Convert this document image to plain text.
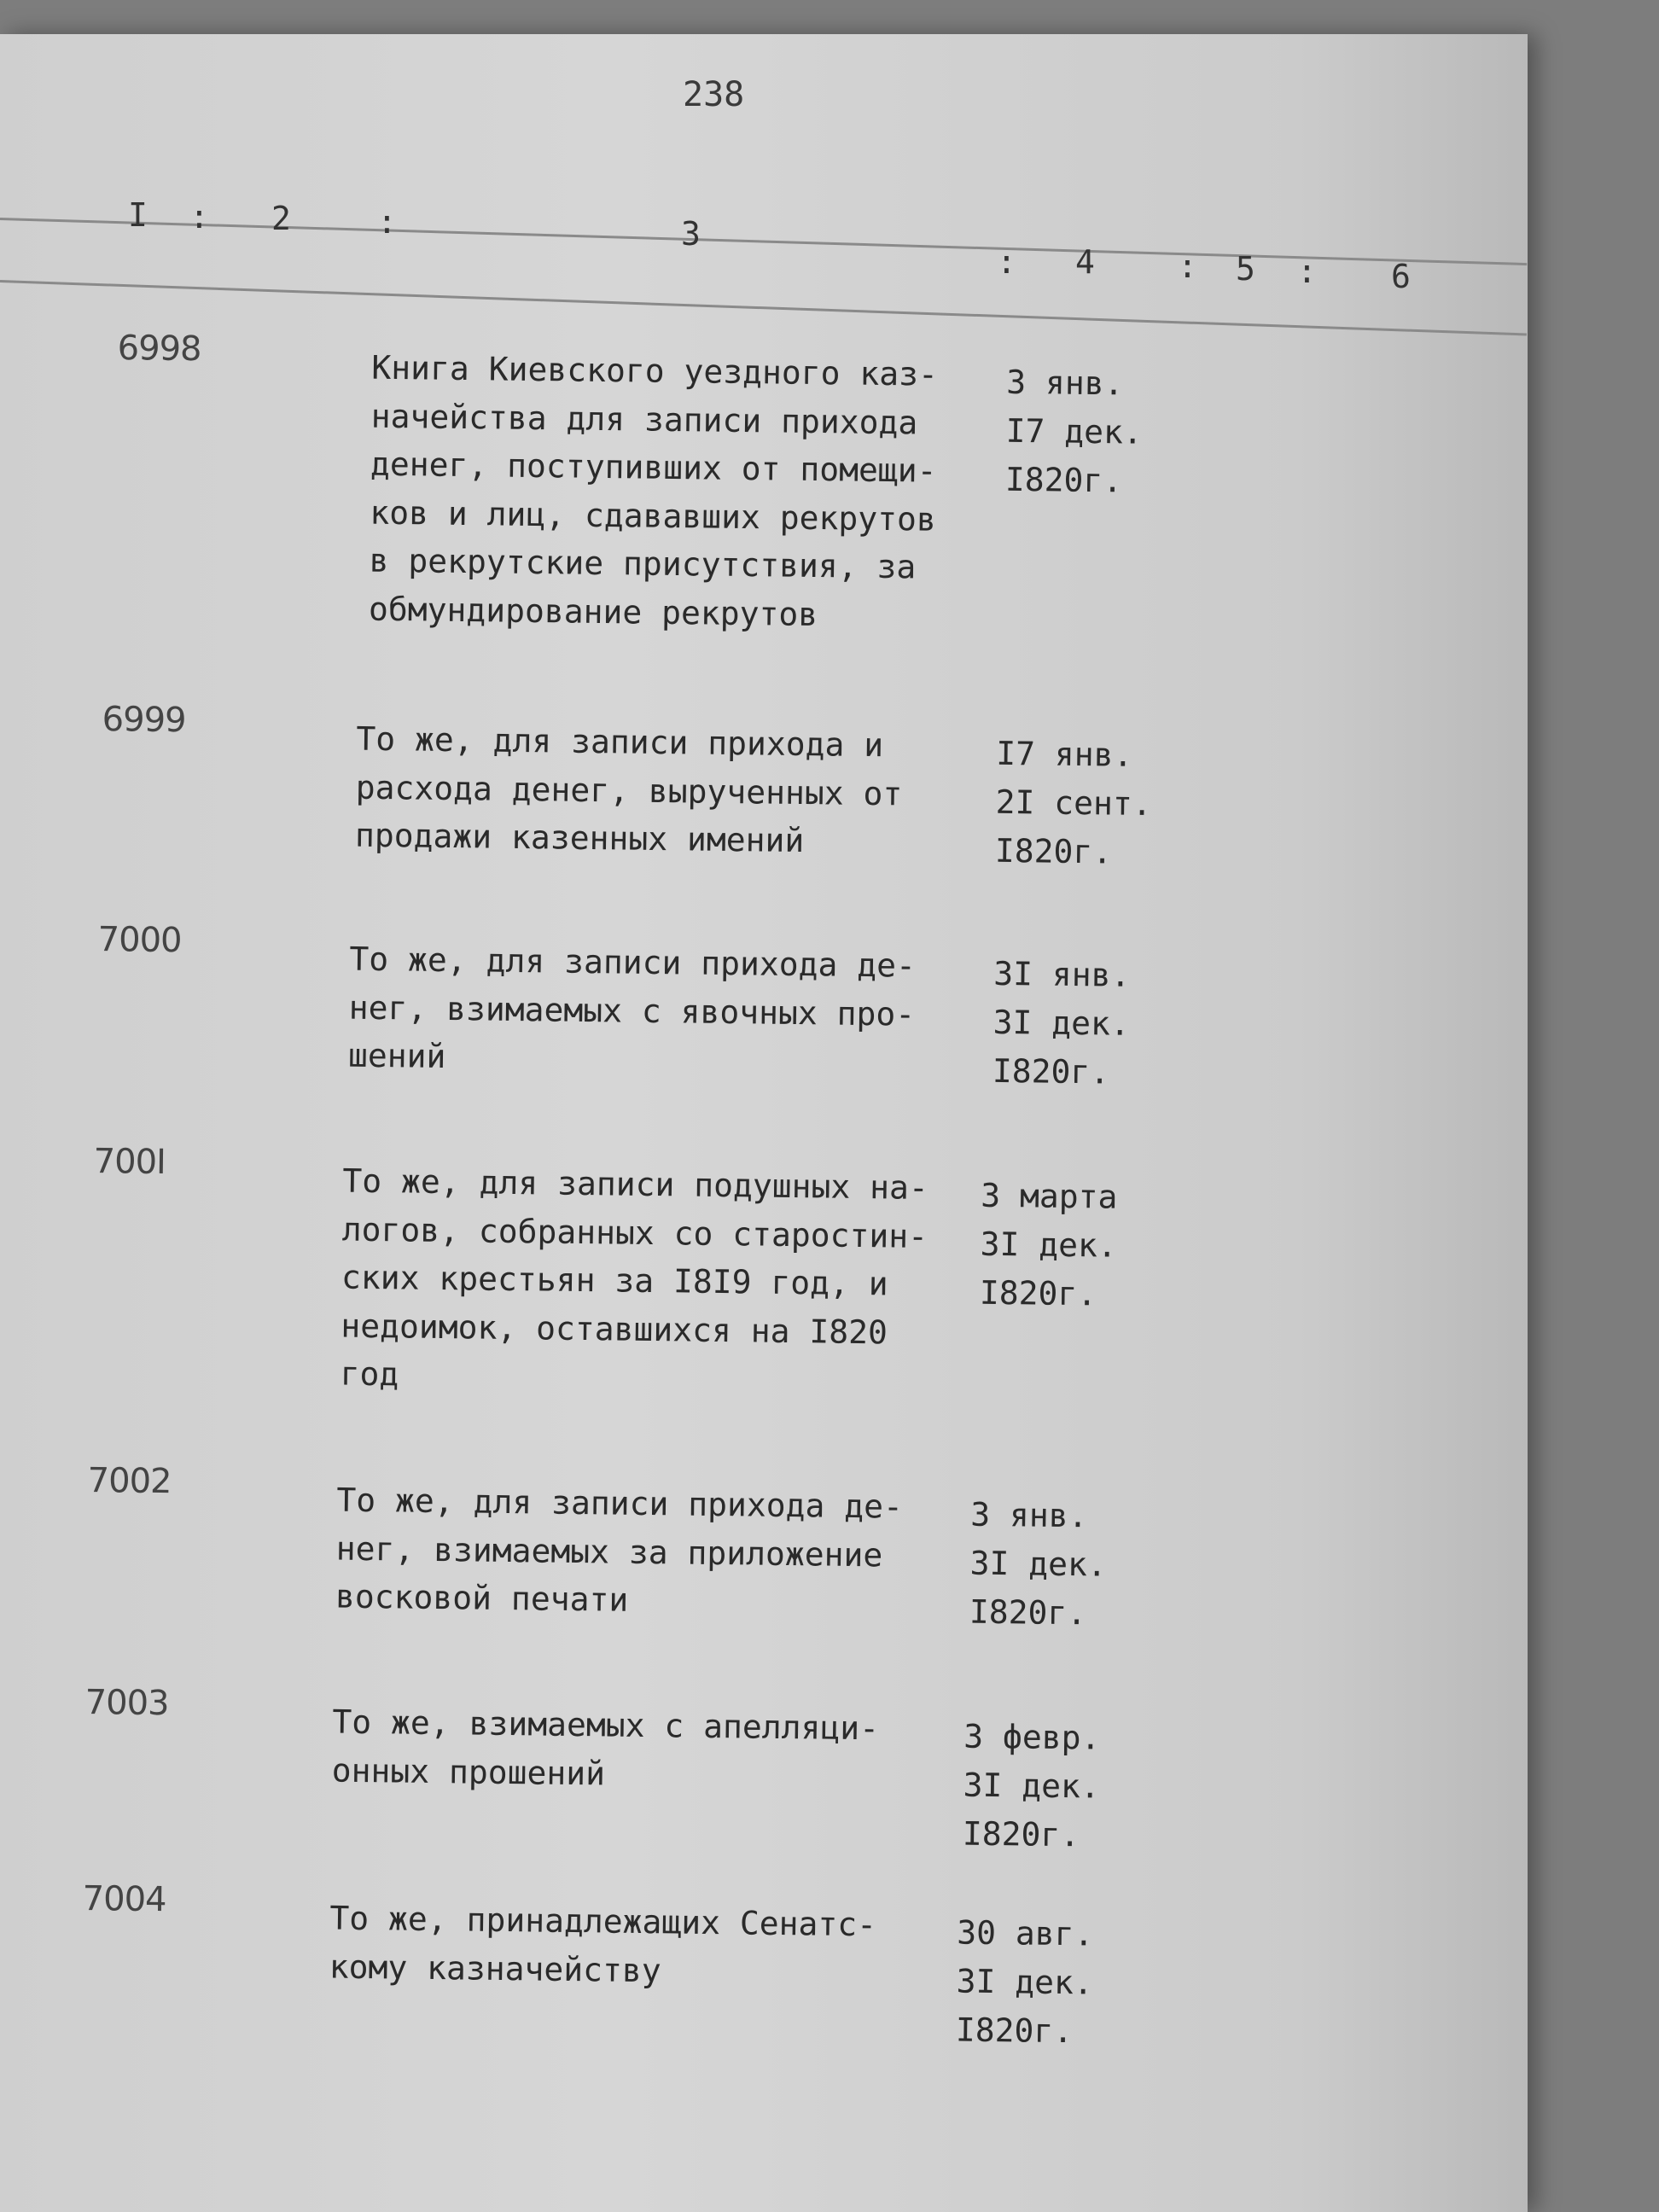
238
I : 2	:	3
: 4	: 5 : 6
6998
Книга Киевского уездного каз-
начейства для записи прихода
денег, поступивших от помещи-
ков и лиц, сдававших рекрутов
в рекрутские присутствия, за
обмундирование рекрутов
3 янв.
I7 дек.
I820г.
6999
То же, для записи прихода и
расхода денег, вырученных от
продажи казенных имений
I7 янв.
2I сент.
I820г.
7000
То же, для записи прихода де-
нег, взимаемых с явочных про-
шений
3I янв.
3I дек.
I820г.
700I
То же, для записи подушных на-
логов, собранных со старостин-
ских крестьян за I8I9 год, и
недоимок, оставшихся на I820
год
3 марта
3I дек.
I820г.
7002	То же, для записи прихода де-
нег, взимаемых за приложение
восковой печати
3 янв.
3I дек.
I820г.
7003	То же, взимаемых с апелляци-
онных прошений
3 февр.
3I дек.
I820г.
7004	То же, принадлежащих Сенатс-
кому казначейству
30 авг.
3I дек.
I820г.
